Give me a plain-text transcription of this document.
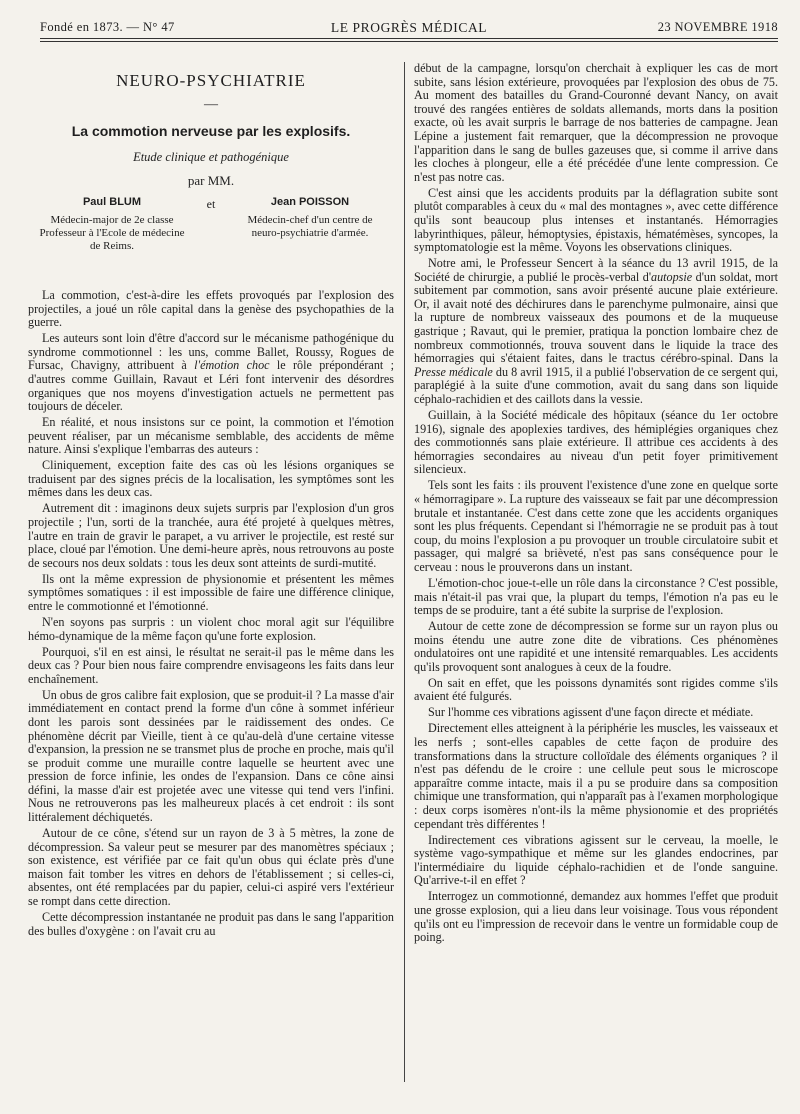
Fondé en 1873. — N° 47	LE PROGRÈS MÉDICAL	23 NOVEMBRE 1918
NEURO-PSYCHIATRIE
—
La commotion nerveuse par les explosifs.
Etude clinique et pathogénique
par MM.
Paul BLUM
Médecin-major de 2e classe
Professeur à l'Ecole de médecine
de Reims.
et	Jean POISSON
Médecin-chef d'un centre de
neuro-psychiatrie d'armée.

La commotion, c'est-à-dire les effets provoqués par l'explosion des projectiles, a joué un rôle capital dans la genèse des psychopathies de la guerre.

Les auteurs sont loin d'être d'accord sur le mécanisme pathogénique du syndrome commotionnel : les uns, comme Ballet, Roussy, Rogues de Fursac, Chavigny, attribuent à l'émotion choc le rôle prépondérant ; d'autres comme Guillain, Ravaut et Léri font intervenir des désordres organiques que nos moyens d'investigation actuels ne permettent pas toujours de déceler.

En réalité, et nous insistons sur ce point, la commotion et l'émotion peuvent réaliser, par un mécanisme semblable, des accidents de même nature. Ainsi s'explique l'embarras des auteurs :

Cliniquement, exception faite des cas où les lésions organiques se traduisent par des signes précis de la localisation, les symptômes sont les mêmes dans les deux cas.

Autrement dit : imaginons deux sujets surpris par l'explosion d'un gros projectile ; l'un, sorti de la tranchée, aura été projeté à quelques mètres, l'autre en train de gravir le parapet, a vu arriver le projectile, est resté sur place, cloué par l'émotion. Une demi-heure après, nous retrouvons au poste de secours nos deux soldats : tous les deux sont atteints de surdi-mutité.

Ils ont la même expression de physionomie et présentent les mêmes symptômes somatiques : il est impossible de faire une différence clinique, entre le commotionné et l'émotionné.

N'en soyons pas surpris : un violent choc moral agit sur l'équilibre hémo-dynamique de la même façon qu'une forte explosion.

Pourquoi, s'il en est ainsi, le résultat ne serait-il pas le même dans les deux cas ? Pour bien nous faire comprendre envisageons les faits dans leur enchaînement.

Un obus de gros calibre fait explosion, que se produit-il ? La masse d'air immédiatement en contact prend la forme d'un cône à sommet inférieur dont les parois sont dessinées par le raidissement des ondes. Ce phénomène décrit par Vieille, tient à ce qu'au-delà d'une certaine vitesse d'expansion, la pression ne se transmet plus de proche en proche, mais qu'il se produit comme une muraille contre laquelle se heurtent avec une pression de force infinie, les ondes de l'expansion. Dans ce cône ainsi défini, la masse d'air est projetée avec une vitesse qui tend vers l'infini. Nous ne retrouverons pas les malheureux placés à cet endroit : ils sont littéralement déchiquetés.

Autour de ce cône, s'étend sur un rayon de 3 à 5 mètres, la zone de décompression. Sa valeur peut se mesurer par des manomètres spéciaux ; son existence, est vérifiée par ce fait qu'un obus qui éclate près d'une maison fait tomber les vitres en dehors de l'établissement ; si celles-ci, absentes, ont été remplacées par du papier, celui-ci aspiré vers l'extérieur se rompt dans cette direction.

Cette décompression instantanée ne produit pas dans le sang l'apparition des bulles d'oxygène : on l'avait cru au

début de la campagne, lorsqu'on cherchait à expliquer les cas de mort subite, sans lésion extérieure, provoquées par l'explosion des obus de 75. Au moment des batailles du Grand-Couronné devant Nancy, on avait trouvé des rangées entières de soldats allemands, morts dans la position exacte, où les avait surpris le barrage de nos batteries de campagne. Jean Lépine a justement fait remarquer, que la décompression ne provoque l'apparition dans le sang de bulles gazeuses que, si comme il arrive dans les cloches à plongeur, elle a été précédée d'une lente compression. Ce n'est pas notre cas.

C'est ainsi que les accidents produits par la déflagration subite sont plutôt comparables à ceux du « mal des montagnes », avec cette différence qu'ils sont beaucoup plus intenses et instantanés. Hémorragies labyrinthiques, pâleur, hémoptysies, épistaxis, hématémèses, syncopes, la symptomatologie est la même. Voyons les observations cliniques.

Notre ami, le Professeur Sencert à la séance du 13 avril 1915, de la Société de chirurgie, a publié le procès-verbal d'autopsie d'un soldat, mort subitement par commotion, sans avoir présenté aucune plaie extérieure. Or, il avait noté des déchirures dans le parenchyme pulmonaire, ainsi que la rupture de nombreux vaisseaux des poumons et de la muqueuse gastrique ; Ravaut, qui le premier, pratiqua la ponction lombaire chez de nombreux commotionnés, trouva souvent dans le liquide la trace des hémorragies qui s'étaient faites, dans le tractus cérébro-spinal. Dans la Presse médicale du 8 avril 1915, il a publié l'observation de ce sergent qui, paraplégié à la suite d'une commotion, avait du sang dans son liquide céphalo-rachidien et des caillots dans la vessie.

Guillain, à la Société médicale des hôpitaux (séance du 1er octobre 1916), signale des apoplexies tardives, des hémiplégies organiques chez des commotionnés sans plaie extérieure. Il attribue ces accidents à des hémorragies secondaires au niveau d'un petit foyer primitivement silencieux.

Tels sont les faits : ils prouvent l'existence d'une zone en quelque sorte « hémorragipare ». La rupture des vaisseaux se fait par une décompression brutale et instantanée. C'est dans cette zone que les accidents organiques sont les plus fréquents. Cependant si l'hémorragie ne se produit pas à tout coup, du moins l'explosion a pu provoquer un trouble circulatoire subit et passager, qui malgré sa brièveté, n'est pas sans conséquence pour le cerveau : nous le prouverons dans un instant.

L'émotion-choc joue-t-elle un rôle dans la circonstance ? C'est possible, mais n'était-il pas vrai que, la plupart du temps, l'émotion n'a pas eu le temps de se produire, tant a été subite la surprise de l'explosion.

Autour de cette zone de décompression se forme sur un rayon plus ou moins étendu une autre zone dite de vibrations. Ces phénomènes ondulatoires ont une rapidité et une intensité remarquables. Les accidents qu'ils provoquent sont analogues à ceux de la foudre.

On sait en effet, que les poissons dynamités sont rigides comme s'ils avaient été fulgurés.

Sur l'homme ces vibrations agissent d'une façon directe et médiate.

Directement elles atteignent à la périphérie les muscles, les vaisseaux et les nerfs ; sont-elles capables de cette façon de produire des transformations dans la structure colloïdale des éléments organiques ? il n'est pas défendu de le croire : une cellule peut sous le microscope apparaître comme intacte, mais il a pu se produire dans sa composition chimique une transformation, qui n'apparaît pas à l'examen morphologique : deux corps isomères n'ont-ils la même physionomie et des propriétés cependant très différentes !

Indirectement ces vibrations agissent sur le cerveau, la moelle, le système vago-sympathique et même sur les glandes endocrines, par l'intermédiaire du liquide céphalo-rachidien et de l'onde sanguine. Qu'arrive-t-il en effet ?

Interrogez un commotionné, demandez aux hommes l'effet que produit une grosse explosion, qui a lieu dans leur voisinage. Tous vous répondent qu'ils ont eu l'impression de recevoir dans le ventre un formidable coup de poing.
